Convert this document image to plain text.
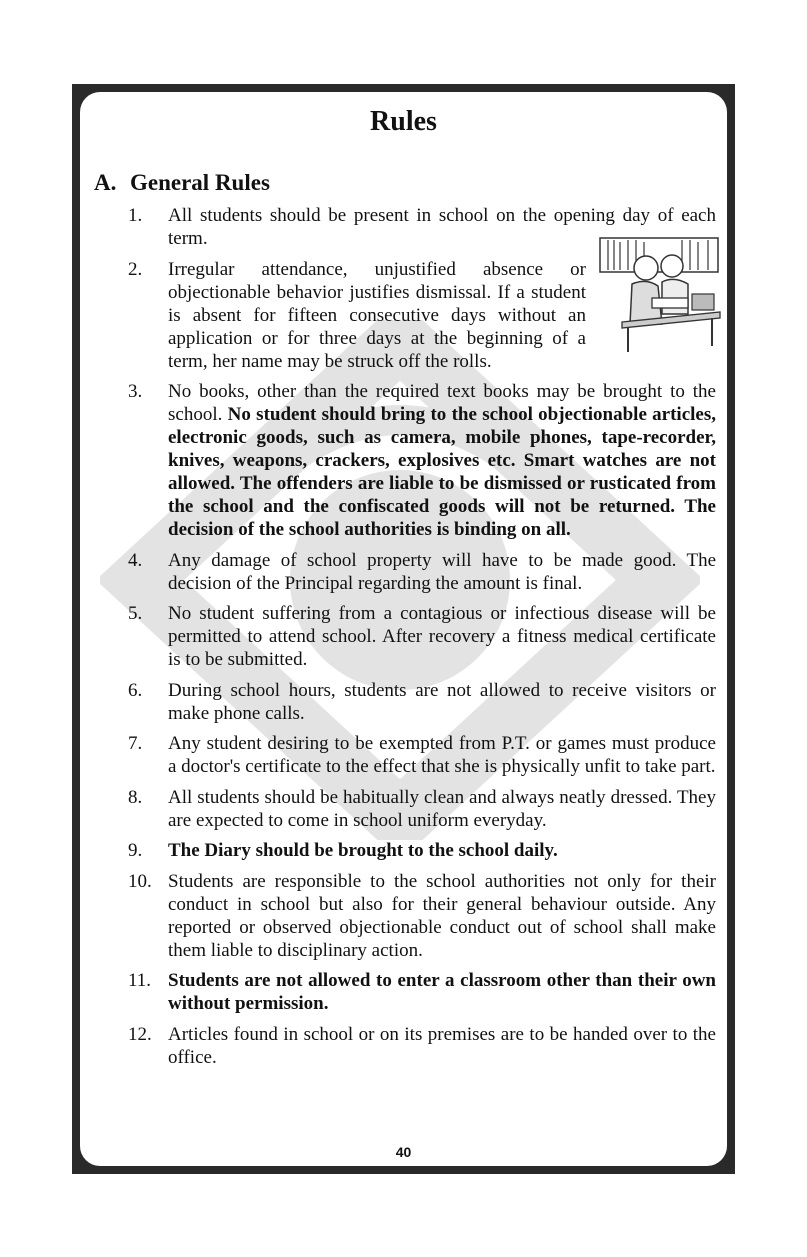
Rules
A. General Rules
1. All students should be present in school on the opening day of each term.
2. Irregular attendance, unjustified absence or objectionable behavior justifies dismissal. If a student is absent for fifteen consecutive days without an application or for three days at the beginning of a term, her name may be struck off the rolls.
3. No books, other than the required text books may be brought to the school. No student should bring to the school objectionable articles, electronic goods, such as camera, mobile phones, tape-recorder, knives, weapons, crackers, explosives etc. Smart watches are not allowed. The offenders are liable to be dismissed or rusticated from the school and the confiscated goods will not be returned. The decision of the school authorities is binding on all.
4. Any damage of school property will have to be made good. The decision of the Principal regarding the amount is final.
5. No student suffering from a contagious or infectious disease will be permitted to attend school. After recovery a fitness medical certificate is to be submitted.
6. During school hours, students are not allowed to receive visitors or make phone calls.
7. Any student desiring to be exempted from P.T. or games must produce a doctor's certificate to the effect that she is physically unfit to take part.
8. All students should be habitually clean and always neatly dressed. They are expected to come in school uniform everyday.
9. The Diary should be brought to the school daily.
10. Students are responsible to the school authorities not only for their conduct in school but also for their general behaviour outside. Any reported or observed objectionable conduct out of school shall make them liable to disciplinary action.
11. Students are not allowed to enter a classroom other than their own without permission.
12. Articles found in school or on its premises are to be handed over to the office.
40
